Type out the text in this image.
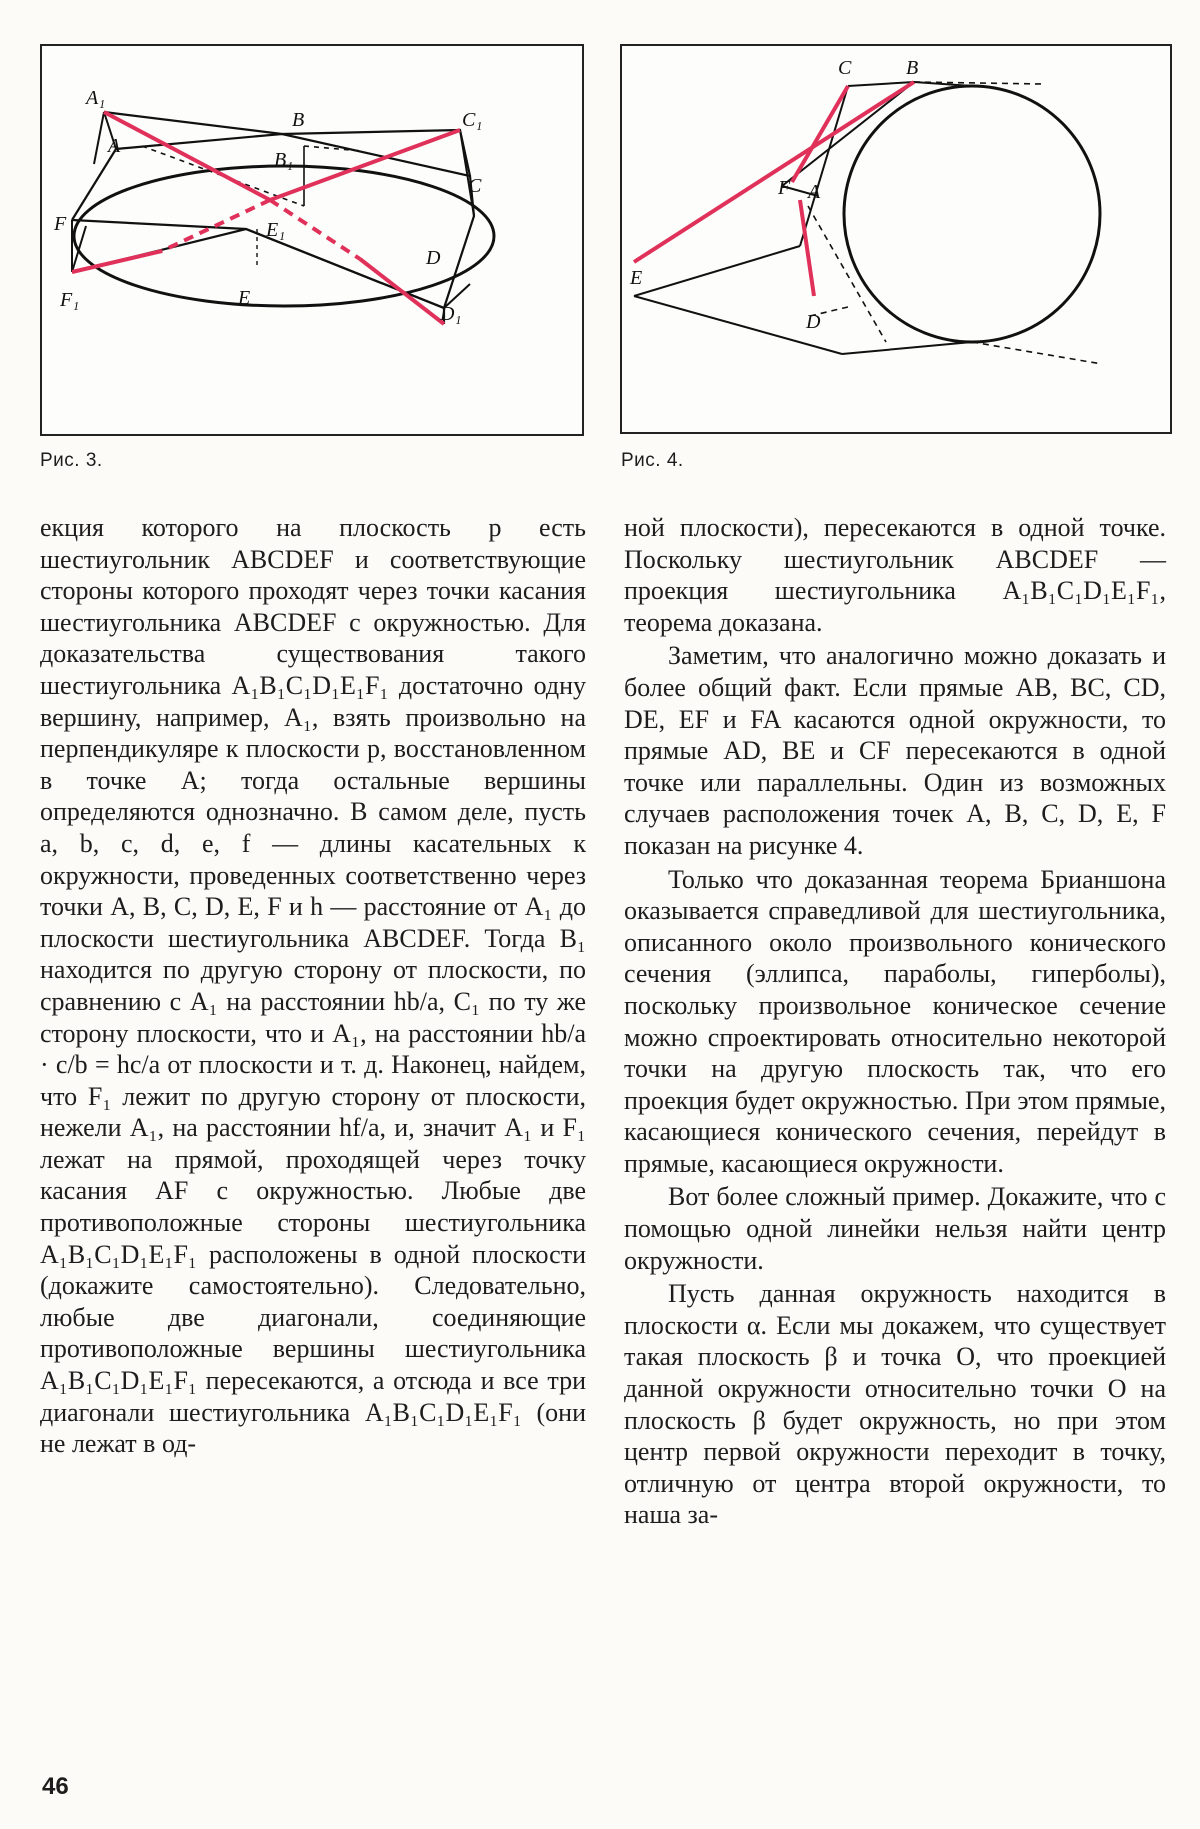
A₁
A
B
B₁
C₁
C
F
F₁
E₁
E
D
D₁
C	B
F A
E
D
Рис. 3.	Рис. 4.

екция которого на плоскость p есть шестиугольник ABCDEF и соответствующие стороны которого проходят через точки касания шестиугольника ABCDEF с окружностью. Для доказательства существования такого шестиугольника A₁B₁C₁D₁E₁F₁ достаточно одну вершину, например, A₁, взять произвольно на перпендикуляре к плоскости p, восстановленном в точке A; тогда остальные вершины определяются однозначно. В самом деле, пусть a, b, c, d, e, f — длины касательных к окружности, проведенных соответственно через точки A, B, C, D, E, F и h — расстояние от A₁ до плоскости шестиугольника ABCDEF. Тогда B₁ находится по другую сторону от плоскости, по сравнению с A₁ на расстоянии hb/a, C₁ по ту же сторону плоскости, что и A₁, на расстоянии hb/a · c/b = hc/a от плоскости и т. д. Наконец, найдем, что F₁ лежит по другую сторону от плоскости, нежели A₁, на расстоянии hf/a, и, значит A₁ и F₁ лежат на прямой, проходящей через точку касания AF с окружностью. Любые две противоположные стороны шестиугольника A₁B₁C₁D₁E₁F₁ расположены в одной плоскости (докажите самостоятельно). Следовательно, любые две диагонали, соединяющие противоположные вершины шестиугольника A₁B₁C₁D₁E₁F₁ пересекаются, а отсюда и все три диагонали шестиугольника A₁B₁C₁D₁E₁F₁ (они не лежат в од-

ной плоскости), пересекаются в одной точке. Поскольку шестиугольник ABCDEF — проекция шестиугольника A₁B₁C₁D₁E₁F₁, теорема доказана.

Заметим, что аналогично можно доказать и более общий факт. Если прямые AB, BC, CD, DE, EF и FA касаются одной окружности, то прямые AD, BE и CF пересекаются в одной точке или параллельны. Один из возможных случаев расположения точек A, B, C, D, E, F показан на рисунке 4.

Только что доказанная теорема Брианшона оказывается справедливой для шестиугольника, описанного около произвольного конического сечения (эллипса, параболы, гиперболы), поскольку произвольное коническое сечение можно спроектировать относительно некоторой точки на другую плоскость так, что его проекция будет окружностью. При этом прямые, касающиеся конического сечения, перейдут в прямые, касающиеся окружности.

Вот более сложный пример. Докажите, что с помощью одной линейки нельзя найти центр окружности.

Пусть данная окружность находится в плоскости α. Если мы докажем, что существует такая плоскость β и точка O, что проекцией данной окружности относительно точки O на плоскость β будет окружность, но при этом центр первой окружности переходит в точку, отличную от центра второй окружности, то наша за-

46
